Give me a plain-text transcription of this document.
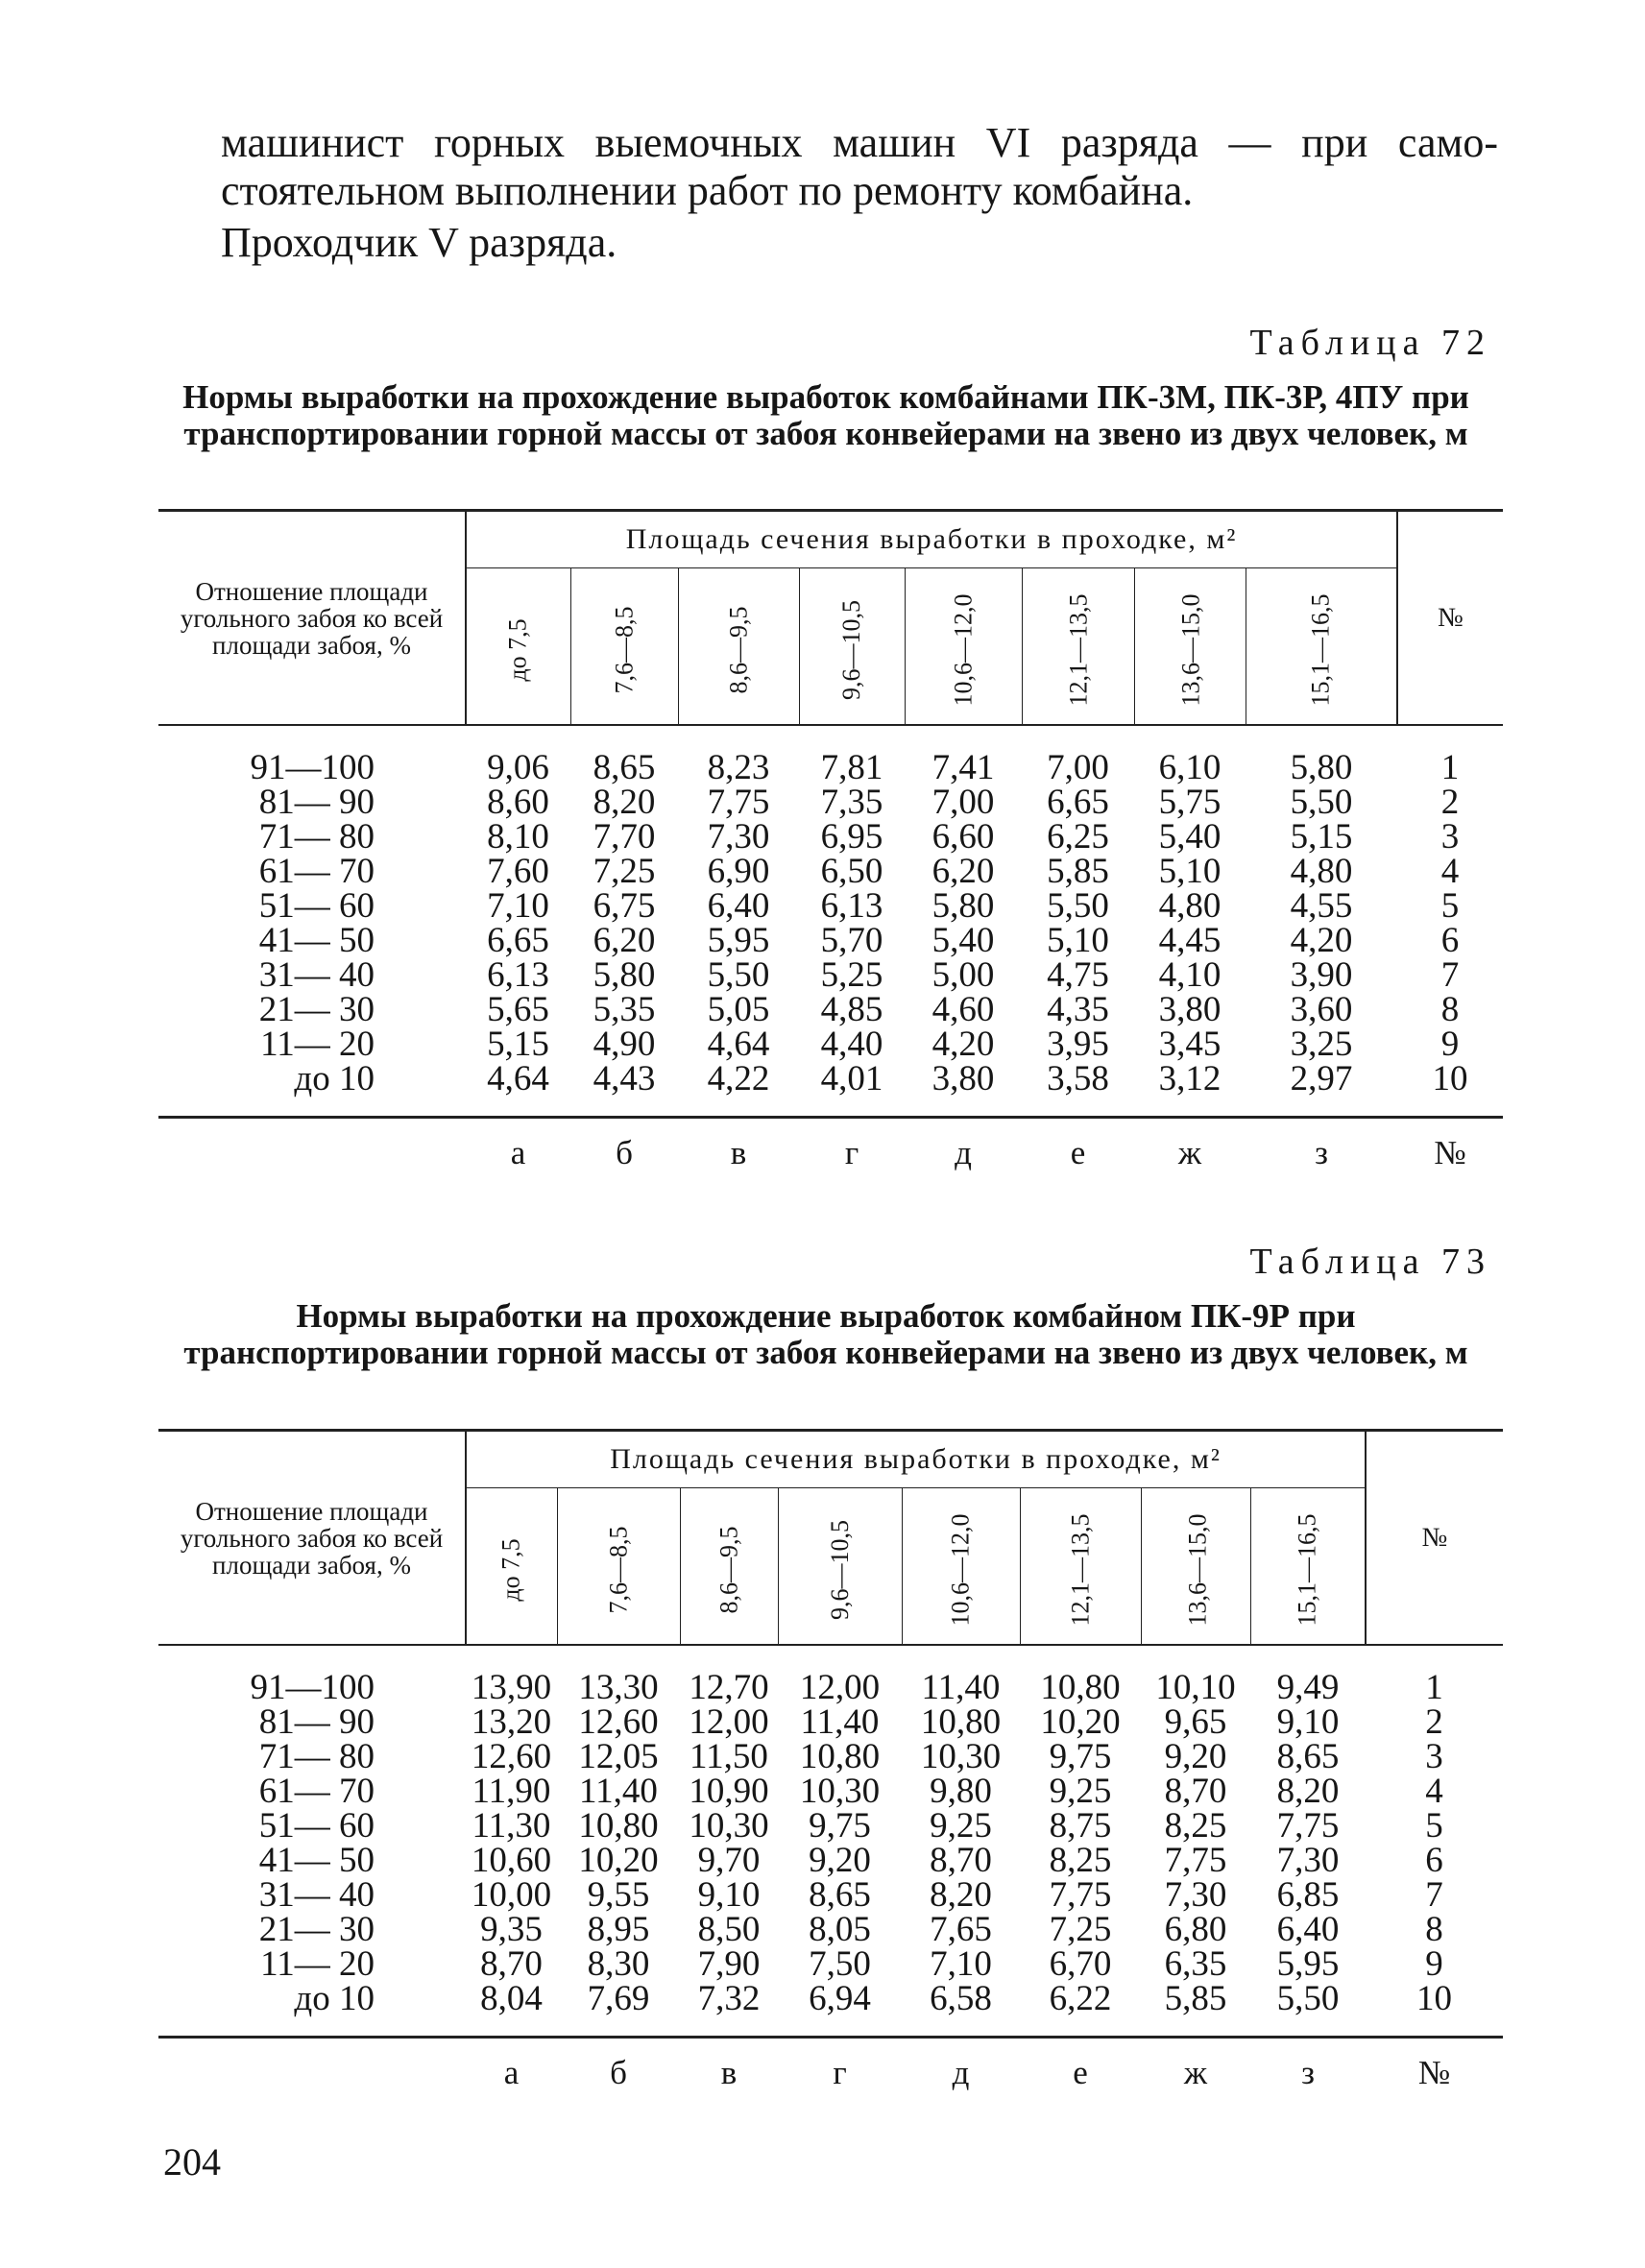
машинист горных выемочных машин VI разряда — при само-стоятельном выполнении работ по ремонту комбайна.
Проходчик V разряда.
Таблица 72
Нормы выработки на прохождение выработок комбайнами ПК-3М, ПК-3Р, 4ПУ при транспортировании горной массы от забоя конвейерами на звено из двух человек, м
Отношение площади угольного забоя ко всей площади забоя, %	Площадь сечения выработки в проходке, м²								№
	до 7,5	7,6—8,5	8,6—9,5	9,6—10,5	10,6—12,0	12,1—13,5	13,6—15,0	15,1—16,5	
91—100	9,06	8,65	8,23	7,81	7,41	7,00	6,10	5,80	1
81— 90	8,60	8,20	7,75	7,35	7,00	6,65	5,75	5,50	2
71— 80	8,10	7,70	7,30	6,95	6,60	6,25	5,40	5,15	3
61— 70	7,60	7,25	6,90	6,50	6,20	5,85	5,10	4,80	4
51— 60	7,10	6,75	6,40	6,13	5,80	5,50	4,80	4,55	5
41— 50	6,65	6,20	5,95	5,70	5,40	5,10	4,45	4,20	6
31— 40	6,13	5,80	5,50	5,25	5,00	4,75	4,10	3,90	7
21— 30	5,65	5,35	5,05	4,85	4,60	4,35	3,80	3,60	8
11— 20	5,15	4,90	4,64	4,40	4,20	3,95	3,45	3,25	9
до 10	4,64	4,43	4,22	4,01	3,80	3,58	3,12	2,97	10
	а	б	в	г	д	е	ж	з	№
Таблица 73
Нормы выработки на прохождение выработок комбайном ПК-9Р при транспортировании горной массы от забоя конвейерами на звено из двух человек, м
Отношение площади угольного забоя ко всей площади забоя, %	Площадь сечения выработки в проходке, м²								№
	до 7,5	7,6—8,5	8,6—9,5	9,6—10,5	10,6—12,0	12,1—13,5	13,6—15,0	15,1—16,5	
91—100	13,90	13,30	12,70	12,00	11,40	10,80	10,10	9,49	1
81— 90	13,20	12,60	12,00	11,40	10,80	10,20	9,65	9,10	2
71— 80	12,60	12,05	11,50	10,80	10,30	9,75	9,20	8,65	3
61— 70	11,90	11,40	10,90	10,30	9,80	9,25	8,70	8,20	4
51— 60	11,30	10,80	10,30	9,75	9,25	8,75	8,25	7,75	5
41— 50	10,60	10,20	9,70	9,20	8,70	8,25	7,75	7,30	6
31— 40	10,00	9,55	9,10	8,65	8,20	7,75	7,30	6,85	7
21— 30	9,35	8,95	8,50	8,05	7,65	7,25	6,80	6,40	8
11— 20	8,70	8,30	7,90	7,50	7,10	6,70	6,35	5,95	9
до 10	8,04	7,69	7,32	6,94	6,58	6,22	5,85	5,50	10
	а	б	в	г	д	е	ж	з	№
204
